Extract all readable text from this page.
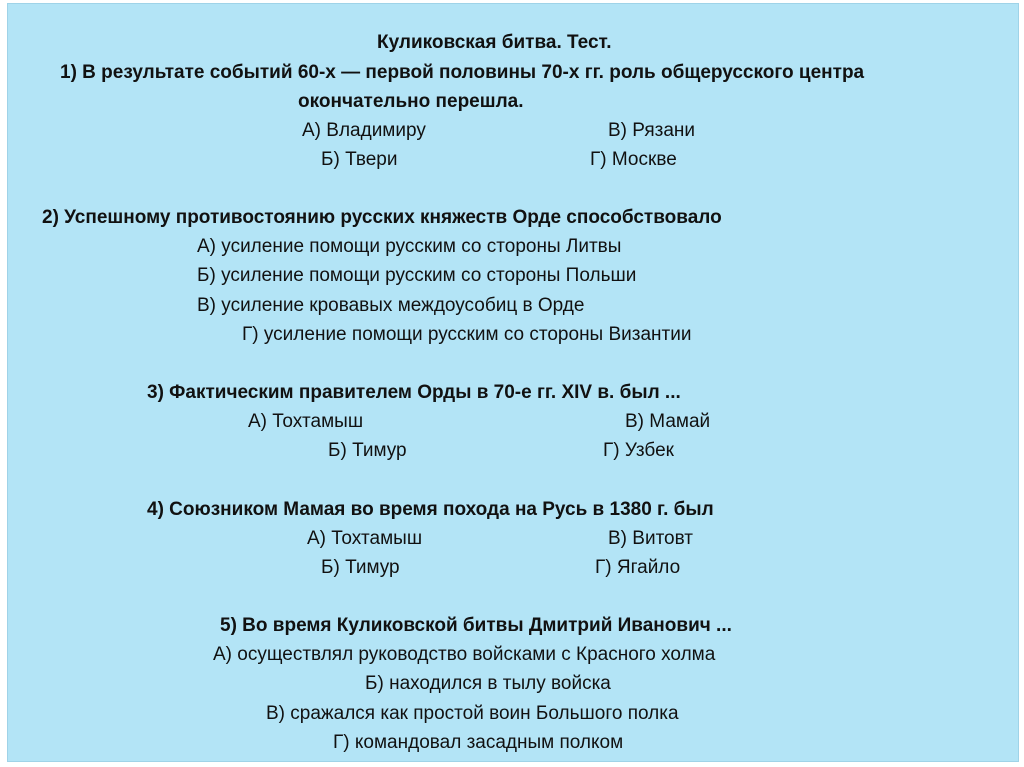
Куликовская битва. Тест.
1) В результате событий 60-х — первой половины 70-х гг. роль общерусского центра
окончательно перешла.
А) Владимиру	В) Рязани
Б) Твери	Г) Москве
2) Успешному противостоянию русских княжеств Орде способствовало
А) усиление помощи русским со стороны Литвы
Б) усиление помощи русским со стороны Польши
В) усиление кровавых междоусобиц в Орде
Г) усиление помощи русским со стороны Византии
3) Фактическим правителем Орды в 70-е гг. XIV в. был ...
А) Тохтамыш	В) Мамай
Б) Тимур	Г) Узбек
4) Союзником Мамая во время похода на Русь в 1380 г. был
А) Тохтамыш	В) Витовт
Б) Тимур	Г) Ягайло
5) Во время Куликовской битвы Дмитрий Иванович ...
А) осуществлял руководство войсками с Красного холма
Б) находился в тылу войска
В) сражался как простой воин Большого полка
Г) командовал засадным полком
